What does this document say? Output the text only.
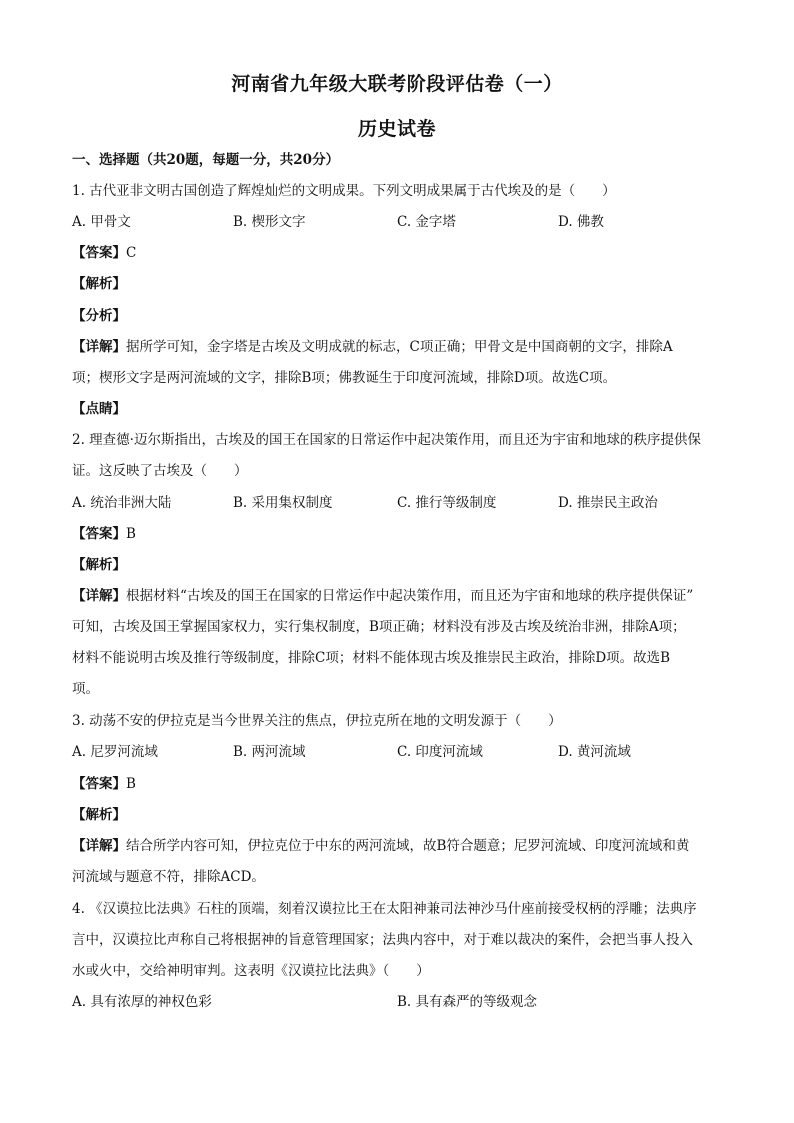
河南省九年级大联考阶段评估卷（一）
历史试卷
一、选择题（共20题，每题一分，共20分）
1. 古代亚非文明古国创造了辉煌灿烂的文明成果。下列文明成果属于古代埃及的是（　　）
A. 甲骨文	B. 楔形文字	C. 金字塔	D. 佛教
【答案】C
【解析】
【分析】
【详解】据所学可知，金字塔是古埃及文明成就的标志，C项正确；甲骨文是中国商朝的文字，排除A
项；楔形文字是两河流域的文字，排除B项；佛教诞生于印度河流域，排除D项。故选C项。
【点睛】
2. 理查德·迈尔斯指出，古埃及的国王在国家的日常运作中起决策作用，而且还为宇宙和地球的秩序提供保
证。这反映了古埃及（　　）
A. 统治非洲大陆	B. 采用集权制度	C. 推行等级制度	D. 推崇民主政治
【答案】B
【解析】
【详解】根据材料“古埃及的国王在国家的日常运作中起决策作用，而且还为宇宙和地球的秩序提供保证”
可知，古埃及国王掌握国家权力，实行集权制度，B项正确；材料没有涉及古埃及统治非洲，排除A项；
材料不能说明古埃及推行等级制度，排除C项；材料不能体现古埃及推崇民主政治，排除D项。故选B
项。
3. 动荡不安的伊拉克是当今世界关注的焦点，伊拉克所在地的文明发源于（　　）
A. 尼罗河流域	B. 两河流域	C. 印度河流域	D. 黄河流域
【答案】B
【解析】
【详解】结合所学内容可知，伊拉克位于中东的两河流域，故B符合题意；尼罗河流域、印度河流域和黄
河流域与题意不符，排除ACD。
4. 《汉谟拉比法典》石柱的顶端，刻着汉谟拉比王在太阳神兼司法神沙马什座前接受权柄的浮雕；法典序
言中，汉谟拉比声称自己将根据神的旨意管理国家；法典内容中，对于难以裁决的案件，会把当事人投入
水或火中，交给神明审判。这表明《汉谟拉比法典》（　　）
A. 具有浓厚的神权色彩	B. 具有森严的等级观念
